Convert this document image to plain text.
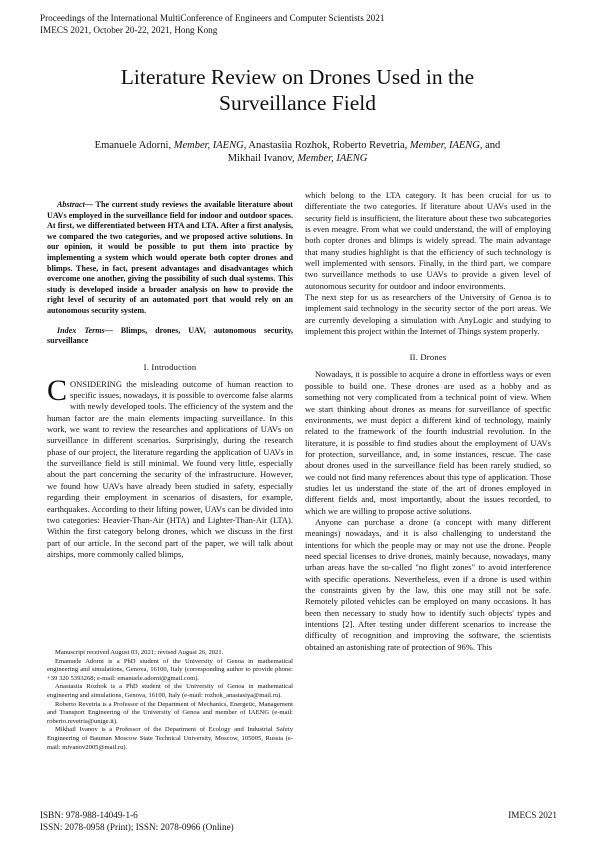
Proceedings of the International MultiConference of Engineers and Computer Scientists 2021
IMECS 2021, October 20-22, 2021, Hong Kong
Literature Review on Drones Used in the
Surveillance Field
Emanuele Adorni, Member, IAENG, Anastasiia Rozhok, Roberto Revetria, Member, IAENG, and
Mikhail Ivanov, Member, IAENG

Abstract— The current study reviews the available literature about UAVs employed in the surveillance field for indoor and outdoor spaces. At first, we differentiated between HTA and LTA. After a first analysis, we compared the two categories, and we proposed active solutions. In our opinion, it would be possible to put them into practice by implementing a system which would operate both copter drones and blimps. These, in fact, present advantages and disadvantages which overcome one another, giving the possibility of such dual systems. This study is developed inside a broader analysis on how to provide the right level of security of an automated port that would rely on an autonomous security system.

Index Terms— Blimps, drones, UAV, autonomous security, surveillance

I. Introduction

CONSIDERING the misleading outcome of human reaction to specific issues, nowadays, it is possible to overcome false alarms with newly developed tools. The efficiency of the system and the human factor are the main elements impacting surveillance. In this work, we want to review the researches and applications of UAVs on surveillance in different scenarios. Surprisingly, during the research phase of our project, the literature regarding the application of UAVs in the surveillance field is still minimal. We found very little, especially about the part concerning the security of the infrastructure. However, we found how UAVs have already been studied in safety, especially regarding their employment in scenarios of disasters, for example, earthquakes. According to their lifting power, UAVs can be divided into two categories: Heavier-Than-Air (HTA) and Lighter-Than-Air (LTA). Within the first category belong drones, which we discuss in the first part of our article. In the second part of the paper, we will talk about airships, more commonly called blimps,

Manuscript received August 03, 2021; revised August 26, 2021.

Emanuele Adorni is a PhD student of the University of Genoa in mathematical engineering and simulations, Genova, 16100, Italy (corresponding author to provide phone: +39 320 5393268; e-mail: emanuele.adorni@gmail.com).

Anastasiia Rozhok is a PhD student of the University of Genoa in mathematical engineering and simulations, Genova, 16100, Italy (e-mail: rozhok_anastasiya@mail.ru).

Roberto Revetria is a Professor of the Department of Mechanics, Energetic, Management and Transport Engineering of the University of Genoa and member of IAENG (e-mail: roberto.revetria@unige.it).

Mikhail Ivanov is a Professor of the Department of Ecology and Industrial Safety Engineering of Bauman Moscow State Technical University, Moscow, 105005, Russia (e-mail: mivanov2005@mail.ru).

which belong to the LTA category. It has been crucial for us to differentiate the two categories. If literature about UAVs used in the security field is insufficient, the literature about these two subcategories is even meagre. From what we could understand, the will of employing both copter drones and blimps is widely spread. The main advantage that many studies highlight is that the efficiency of such technology is well implemented with sensors. Finally, in the third part, we compare two surveillance methods to use UAVs to provide a given level of autonomous security for outdoor and indoor environments.

The next step for us as researchers of the University of Genoa is to implement said technology in the security sector of the port areas. We are currently developing a simulation with AnyLogic and studying to implement this project within the Internet of Things system properly.

II. Drones

Nowadays, it is possible to acquire a drone in effortless ways or even possible to build one. These drones are used as a hobby and as something not very complicated from a technical point of view. When we start thinking about drones as means for surveillance of specific environments, we must depict a different kind of technology, mainly related to the framework of the fourth industrial revolution. In the literature, it is possible to find studies about the employment of UAVs for protection, surveillance, and, in some instances, rescue. The case about drones used in the surveillance field has been rarely studied, so we could not find many references about this type of application. Those studies let us understand the state of the art of drones employed in different fields and, most importantly, about the issues recorded, to which we are willing to propose active solutions.

Anyone can purchase a drone (a concept with many different meanings) nowadays, and it is also challenging to understand the intentions for which the people may or may not use the drone. People need special licenses to drive drones, mainly because, nowadays, many urban areas have the so-called "no flight zones" to avoid interference with specific operations. Nevertheless, even if a drone is used within the constraints given by the law, this one may still not be safe. Remotely piloted vehicles can be employed on many occasions. It has been then necessary to study how to identify such objects' types and intentions [2]. After testing under different scenarios to increase the difficulty of recognition and improving the software, the scientists obtained an astonishing rate of protection of 96%. This

ISBN: 978-988-14049-1-6
ISSN: 2078-0958 (Print); ISSN: 2078-0966 (Online)
IMECS 2021
